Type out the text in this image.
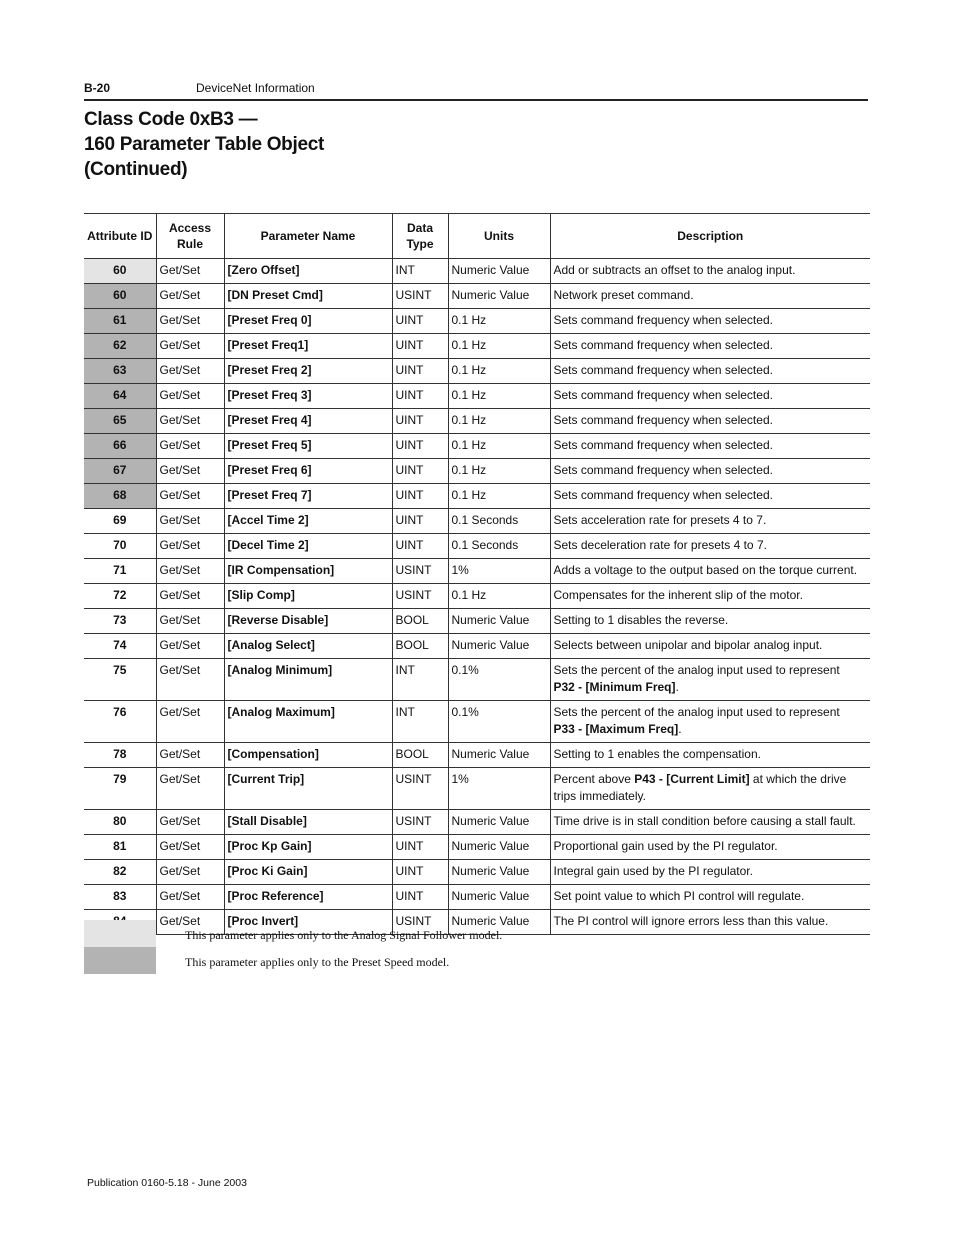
B-20	DeviceNet Information
Class Code 0xB3 —
160 Parameter Table Object
(Continued)
Attribute ID	Access Rule	Parameter Name	Data Type	Units	Description
60	Get/Set	[Zero Offset]	INT	Numeric Value	Add or subtracts an offset to the analog input.
60	Get/Set	[DN Preset Cmd]	USINT	Numeric Value	Network preset command.
61	Get/Set	[Preset Freq 0]	UINT	0.1 Hz	Sets command frequency when selected.
62	Get/Set	[Preset Freq1]	UINT	0.1 Hz	Sets command frequency when selected.
63	Get/Set	[Preset Freq 2]	UINT	0.1 Hz	Sets command frequency when selected.
64	Get/Set	[Preset Freq 3]	UINT	0.1 Hz	Sets command frequency when selected.
65	Get/Set	[Preset Freq 4]	UINT	0.1 Hz	Sets command frequency when selected.
66	Get/Set	[Preset Freq 5]	UINT	0.1 Hz	Sets command frequency when selected.
67	Get/Set	[Preset Freq 6]	UINT	0.1 Hz	Sets command frequency when selected.
68	Get/Set	[Preset Freq 7]	UINT	0.1 Hz	Sets command frequency when selected.
69	Get/Set	[Accel Time 2]	UINT	0.1 Seconds	Sets acceleration rate for presets 4 to 7.
70	Get/Set	[Decel Time 2]	UINT	0.1 Seconds	Sets deceleration rate for presets 4 to 7.
71	Get/Set	[IR Compensation]	USINT	1%	Adds a voltage to the output based on the torque current.
72	Get/Set	[Slip Comp]	USINT	0.1 Hz	Compensates for the inherent slip of the motor.
73	Get/Set	[Reverse Disable]	BOOL	Numeric Value	Setting to 1 disables the reverse.
74	Get/Set	[Analog Select]	BOOL	Numeric Value	Selects between unipolar and bipolar analog input.
75	Get/Set	[Analog Minimum]	INT	0.1%	Sets the percent of the analog input used to represent
P32 - [Minimum Freq].
76	Get/Set	[Analog Maximum]	INT	0.1%	Sets the percent of the analog input used to represent
P33 - [Maximum Freq].
78	Get/Set	[Compensation]	BOOL	Numeric Value	Setting to 1 enables the compensation.
79	Get/Set	[Current Trip]	USINT	1%	Percent above P43 - [Current Limit] at which the drive trips immediately.
80	Get/Set	[Stall Disable]	USINT	Numeric Value	Time drive is in stall condition before causing a stall fault.
81	Get/Set	[Proc Kp Gain]	UINT	Numeric Value	Proportional gain used by the PI regulator.
82	Get/Set	[Proc Ki Gain]	UINT	Numeric Value	Integral gain used by the PI regulator.
83	Get/Set	[Proc Reference]	UINT	Numeric Value	Set point value to which PI control will regulate.
	Get/Set	[Proc Invert]	USINT	Numeric Value	The PI control will ignore errors less than this value.
This parameter applies only to the Analog Signal Follower model.
This parameter applies only to the Preset Speed model.
Publication 0160-5.18 - June 2003
